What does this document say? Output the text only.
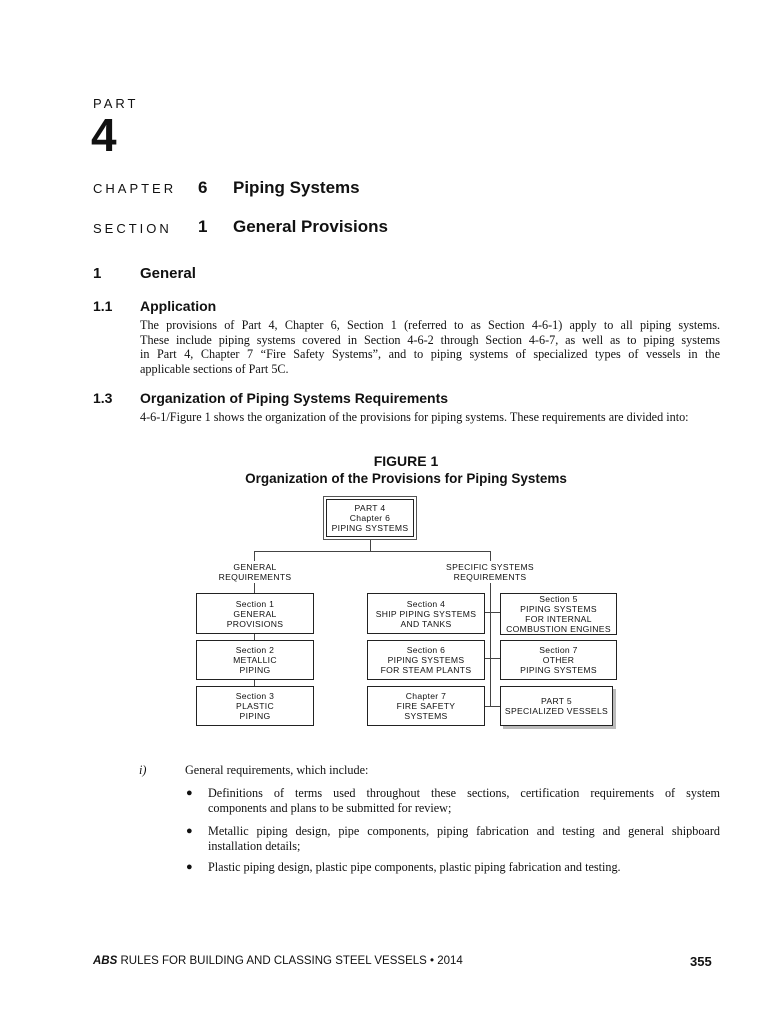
PART
4
CHAPTER 6 Piping Systems
SECTION 1 General Provisions
1	General
1.1 Application
The provisions of Part 4, Chapter 6, Section 1 (referred to as Section 4-6-1) apply to all piping systems.
These include piping systems covered in Section 4-6-2 through Section 4-6-7, as well as to piping systems
in Part 4, Chapter 7 “Fire Safety Systems”, and to piping systems of specialized types of vessels in the
applicable sections of Part 5C.
1.3 Organization of Piping Systems Requirements
4-6-1/Figure 1 shows the organization of the provisions for piping systems. These requirements are divided into:
FIGURE 1
Organization of the Provisions for Piping Systems
PART 4
Chapter 6
PIPING SYSTEMS
GENERAL
REQUIREMENTS
SPECIFIC SYSTEMS
REQUIREMENTS
Section 1
GENERAL
PROVISIONS
Section 2
METALLIC
PIPING
Section 3
PLASTIC
PIPING
Section 4
SHIP PIPING SYSTEMS
AND TANKS
Section 6
PIPING SYSTEMS
FOR STEAM PLANTS
Chapter 7
FIRE SAFETY
SYSTEMS
Section 5
PIPING SYSTEMS
FOR INTERNAL
COMBUSTION ENGINES
Section 7
OTHER
PIPING SYSTEMS
PART 5
SPECIALIZED VESSELS
i)	General requirements, which include:
● Definitions of terms used throughout these sections, certification requirements of system
components and plans to be submitted for review;
● Metallic piping design, pipe components, piping fabrication and testing and general shipboard
installation details;
● Plastic piping design, plastic pipe components, plastic piping fabrication and testing.
ABS RULES FOR BUILDING AND CLASSING STEEL VESSELS • 2014	355
